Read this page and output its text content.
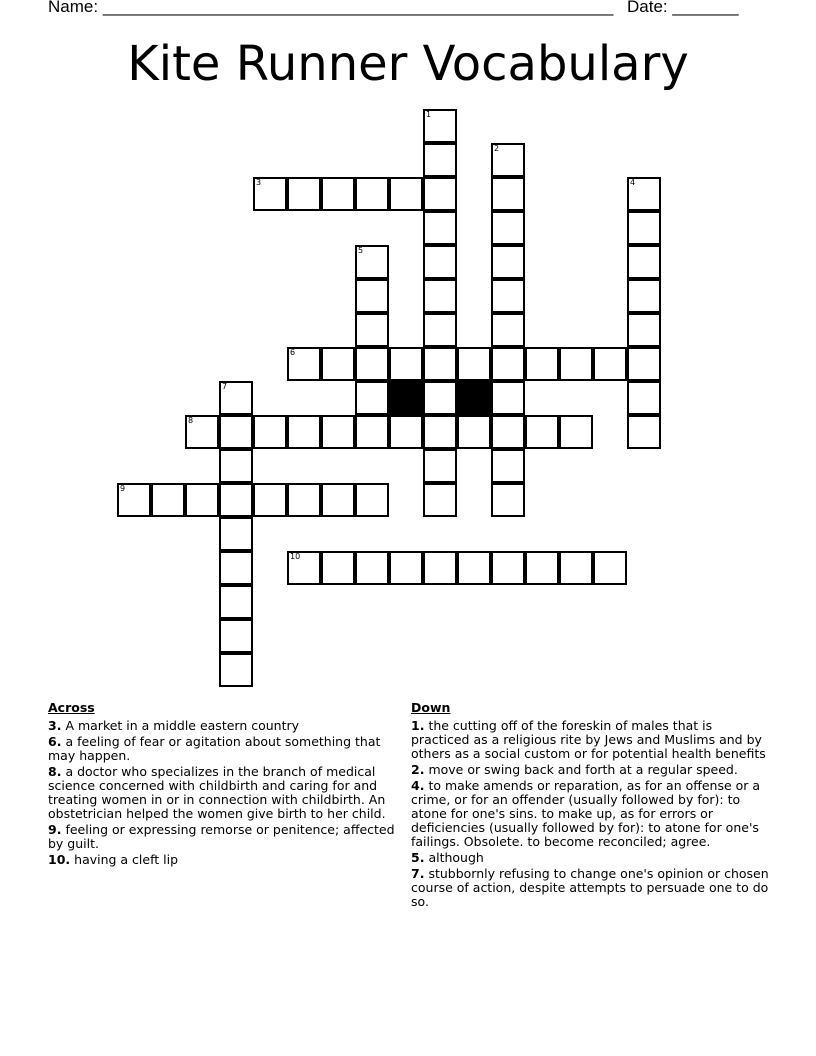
Name: ______________________________________________________ Date: _______
Kite Runner Vocabulary
1
2
3	4
5
6
7
8
9
10
Across
3. A market in a middle eastern country
6. a feeling of fear or agitation about something that may happen.
8. a doctor who specializes in the branch of medical science concerned with childbirth and caring for and treating women in or in connection with childbirth. An obstetrician helped the women give birth to her child.
9. feeling or expressing remorse or penitence; affected by guilt.
10. having a cleft lip
Down
1. the cutting off of the foreskin of males that is practiced as a religious rite by Jews and Muslims and by others as a social custom or for potential health benefits
2. move or swing back and forth at a regular speed.
4. to make amends or reparation, as for an offense or a crime, or for an offender (usually followed by for): to atone for one's sins. to make up, as for errors or deficiencies (usually followed by for): to atone for one's failings. Obsolete. to become reconciled; agree.
5. although
7. stubbornly refusing to change one's opinion or chosen course of action, despite attempts to persuade one to do so.
